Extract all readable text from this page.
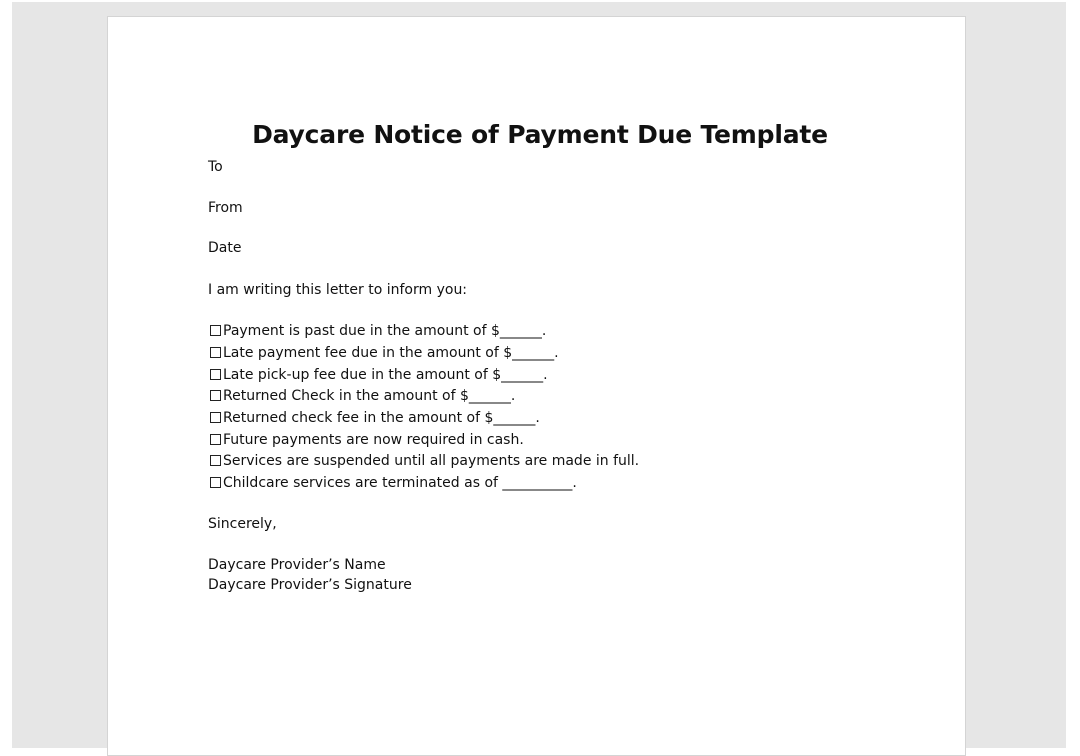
Daycare Notice of Payment Due Template

To

From

Date

I am writing this letter to inform you:

Payment is past due in the amount of $______.
Late payment fee due in the amount of $______.
Late pick-up fee due in the amount of $______.
Returned Check in the amount of $______.
Returned check fee in the amount of $______.
Future payments are now required in cash.
Services are suspended until all payments are made in full.
Childcare services are terminated as of __________.

Sincerely,

Daycare Provider’s Name

Daycare Provider’s Signature
